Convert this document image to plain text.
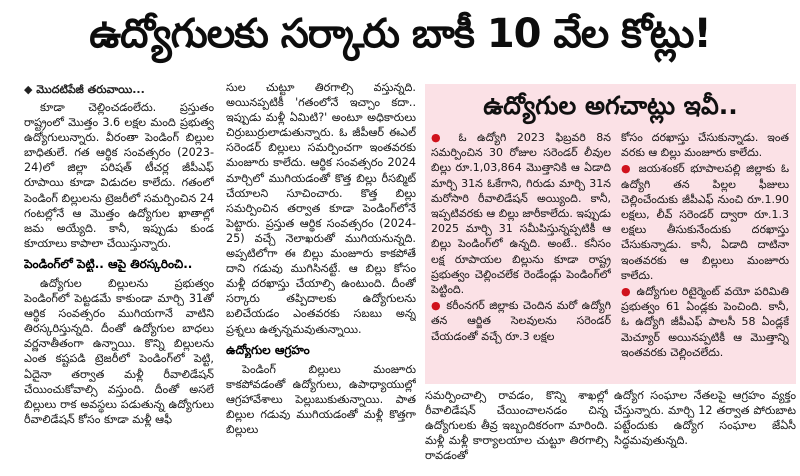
ఉద్యోగులకు సర్కారు బాకీ 10 వేల కోట్లు!
◆ మొదటిపేజీ తరువాయి...

కూడా చెల్లించడంలేదు. ప్రస్తుతం రాష్ట్రంలో మొత్తం 3.6 లక్షల మంది ప్రభుత్వ ఉద్యోగులున్నారు. వీరంతా పెండింగ్ బిల్లుల బాధితులే. గత ఆర్థిక సంవత్సరం (2023-24)లో జిల్లా పరిషత్ టీచర్ల జీపీఎఫ్ రూపాయి కూడా విడుదల కాలేదు. గతంలో పెండింగ్ బిల్లులను ట్రెజరీలో సమర్పించిన 24 గంటల్లోనే ఆ మొత్తం ఉద్యోగుల ఖాతాల్లో జమ అయ్యేది. కానీ, ఇప్పుడు కుండ కూయాలు కాపాలా చేయిస్తున్నారు.

పెండింగ్‌లో పెట్టి.. ఆపై తిరస్కరించి..

ఉద్యోగుల బిల్లులను ప్రభుత్వం పెండింగ్‌లో పెట్టడమే కాకుండా మార్చి 31తో ఆర్థిక సంవత్సరం ముగియగానే వాటిని తిరస్కరిస్తున్నది. దీంతో ఉద్యోగుల బాధలు వర్ణనాతీతంగా ఉన్నాయి. కొన్ని బిల్లులను ఎంత కష్టపడి ట్రెజరీలో పెండింగ్‌లో పెట్టి, ఏదైనా తర్వాత మళ్లీ రీవాలిడేషన్ చేయించుకోవాల్సి వస్తుంది. దీంతో అసలే బిల్లులు రాక అవస్థలు పడుతున్న ఉద్యోగులు రీవాలిడేషన్ కోసం కూడా మళ్లీ ఆఫీ

సుల చుట్టూ తిరగాల్సి వస్తున్నది. అయినప్పటికీ 'గతంలోనే ఇచ్చాం కదా.. ఇప్పుడు మళ్లీ ఏమిటి?' అంటూ అధికారులు చిర్రుబుర్రులాడుతున్నారు. ఓ జీపీఆర్ ఈఎల్ సరెండర్ బిల్లులు సమర్పించగా ఇంతవరకు మంజూరు కాలేదు. ఆర్థిక సంవత్సరం 2024 మార్చిలో ముగియడంతో కొత్త బిల్లు రీసబ్మిట్ చేయాలని సూచించారు. కొత్త బిల్లు సమర్పించిన తర్వాత కూడా పెండింగ్‌లోనే పెట్టారు. ప్రస్తుత ఆర్థిక సంవత్సరం (2024-25) వచ్చే నెలాఖరుతో ముగియనున్నది. అప్పటిలోగా ఈ బిల్లు మంజూరు కాకపోతే దాని గడువు ముగిసినట్టే. ఆ బిల్లు కోసం మళ్లీ దరఖాస్తు చేయాల్సి ఉంటుంది. దీంతో సర్కారు తప్పిదాలకు ఉద్యోగులను బలిచేయడం ఎంతవరకు సబబు అన్న ప్రశ్నలు ఉత్పన్నమవుతున్నాయి.

ఉద్యోగుల ఆగ్రహం

పెండింగ్ బిల్లులు మంజూరు కాకపోవడంతో ఉద్యోగులు, ఉపాధ్యాయుల్లో ఆగ్రహావేశాలు పెల్లుబుకుతున్నాయి. పాత బిల్లుల గడువు ముగియడంతో మళ్లీ కొత్తగా బిల్లులు

ఉద్యోగుల అగచాట్లు ఇవీ..

● ఓ ఉద్యోగి 2023 ఫిబ్రవరి 8న సమర్పించిన 30 రోజుల సరెండర్ లీవుల బిల్లు రూ.1,03,864 మొత్తానికి ఆ ఏడాది మార్చి 31న ఓకేగాని, గిరుడు మార్చి 31న మరోసారి రీవాలిడేషన్ అయ్యింది. కానీ, ఇప్పటివరకు ఆ బిల్లు జారీకాలేదు. ఇప్పుడు 2025 మార్చి 31 సమీపిస్తున్నప్పటికీ ఆ బిల్లు పెండింగ్‌లో ఉన్నది. అంటే.. కనీసం లక్ష రూపాయల బిల్లును కూడా రాష్ట్ర ప్రభుత్వం చెల్లించలేక రెండేండ్లు పెండింగ్‌లో పెట్టింది.

● కరీంనగర్ జిల్లాకు చెందిన మరో ఉద్యోగి తన ఆర్జిత సెలవులను సరెండర్ చేయడంతో వచ్చే రూ.3 లక్షల

కోసం దరఖాస్తు చేసుకున్నాడు. ఇంత వరకు ఆ బిల్లు మంజూరు కాలేదు.

● జయశంకర్ భూపాలపల్లి జిల్లాకు ఓ ఉద్యోగి తన పిల్లల ఫీజులు చెల్లించేందుకు జీపీఎఫ్ నుంచి రూ.1.90 లక్షలు, లీవ్ సరెండర్ ద్వారా రూ.1.3 లక్షలు తీసుకునేందుకు దరఖాస్తు చేసుకున్నాడు. కానీ, ఏడాది దాటినా ఇంతవరకు ఆ బిల్లులు మంజూరు కాలేదు.

● ఉద్యోగుల రిటైర్మెంట్ వయో పరిమితి ప్రభుత్వం 61 ఏండ్లకు పెంచింది. కానీ, ఓ ఉద్యోగి జీపీఎఫ్ పాలసీ 58 ఏండ్లకే మెచ్యూర్ అయినప్పటికీ ఆ మొత్తాన్ని ఇంతవరకు చెల్లించలేదు.

సమర్పించాల్సి రావడం, కొన్ని శాఖల్లో రీవాలిడేషన్ చేయించాలనడం చిన్న ఉద్యోగులకు తీవ్ర ఇబ్బందికరంగా మారింది. మళ్లీ మళ్లీ కార్యాలయాల చుట్టూ తిరగాల్సి రావడంతో

ఉద్యోగ సంఘాల నేతలపై ఆగ్రహం వ్యక్తం చేస్తున్నారు. మార్చి 12 తర్వాత పోరుబాట పట్టేందుకు ఉద్యోగ సంఘాల జేఏసీ సిద్ధమవుతున్నది.
